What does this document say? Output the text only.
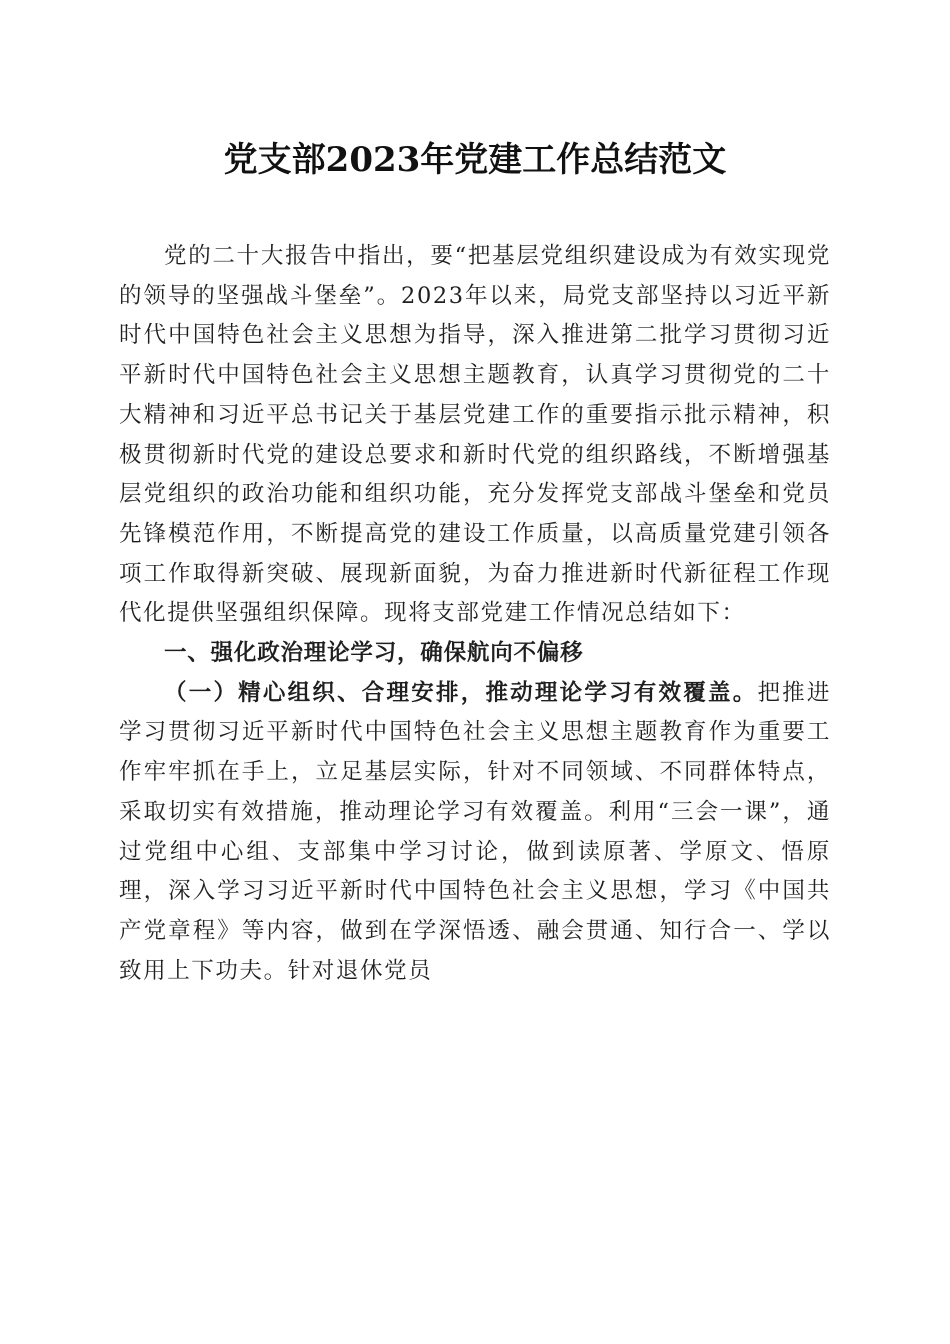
党支部2023年党建工作总结范文

党的二十大报告中指出，要“把基层党组织建设成为有效实现党的领导的坚强战斗堡垒”。2023年以来，局党支部坚持以习近平新时代中国特色社会主义思想为指导，深入推进第二批学习贯彻习近平新时代中国特色社会主义思想主题教育，认真学习贯彻党的二十大精神和习近平总书记关于基层党建工作的重要指示批示精神，积极贯彻新时代党的建设总要求和新时代党的组织路线，不断增强基层党组织的政治功能和组织功能，充分发挥党支部战斗堡垒和党员先锋模范作用，不断提高党的建设工作质量，以高质量党建引领各项工作取得新突破、展现新面貌，为奋力推进新时代新征程工作现代化提供坚强组织保障。现将支部党建工作情况总结如下：

一、强化政治理论学习，确保航向不偏移

（一）精心组织、合理安排，推动理论学习有效覆盖。把推进学习贯彻习近平新时代中国特色社会主义思想主题教育作为重要工作牢牢抓在手上，立足基层实际，针对不同领域、不同群体特点，采取切实有效措施，推动理论学习有效覆盖。利用“三会一课”，通过党组中心组、支部集中学习讨论，做到读原著、学原文、悟原理，深入学习习近平新时代中国特色社会主义思想，学习《中国共产党章程》等内容，做到在学深悟透、融会贯通、知行合一、学以致用上下功夫。针对退休党员
